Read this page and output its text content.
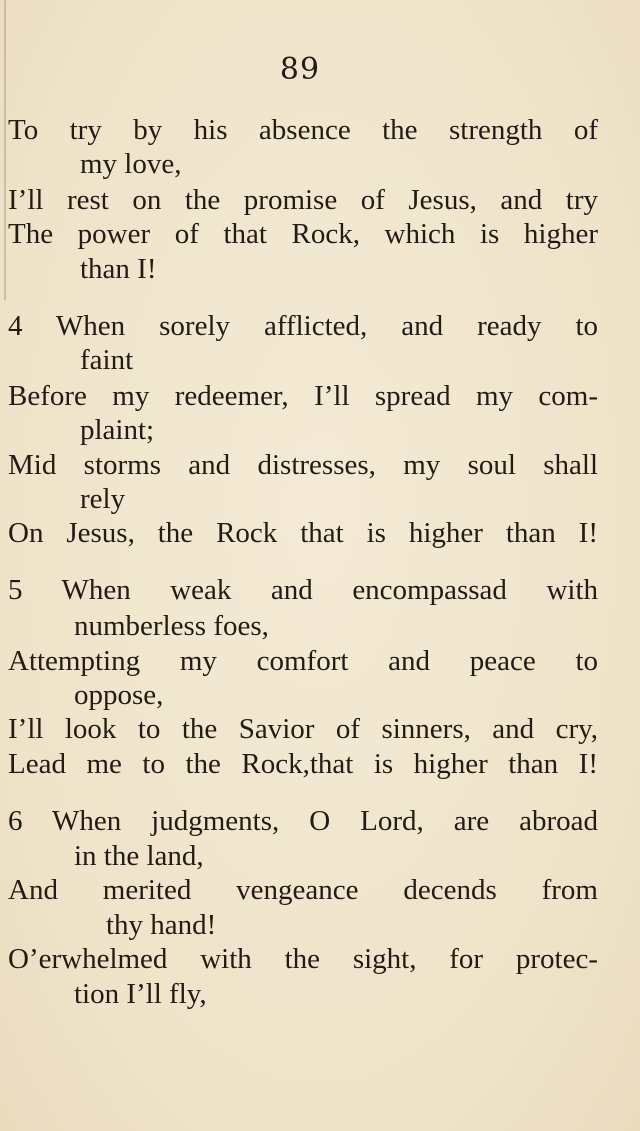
89
To try by his absence the strength of
my love,
I’ll rest on the promise of Jesus, and try
The power of that Rock, which is higher
than I!
4 When sorely afflicted, and ready to
faint
Before my redeemer, I’ll spread my com-
plaint;
Mid storms and distresses, my soul shall
rely
On Jesus, the Rock that is higher than I!
5 When weak and encompassad with
numberless foes,
Attempting my comfort and peace to
oppose,
I’ll look to the Savior of sinners, and cry,
Lead me to the Rock,that is higher than I!
6 When judgments, O Lord, are abroad
in the land,
And merited vengeance decends from
thy hand!
O’erwhelmed with the sight, for protec-
tion I’ll fly,
